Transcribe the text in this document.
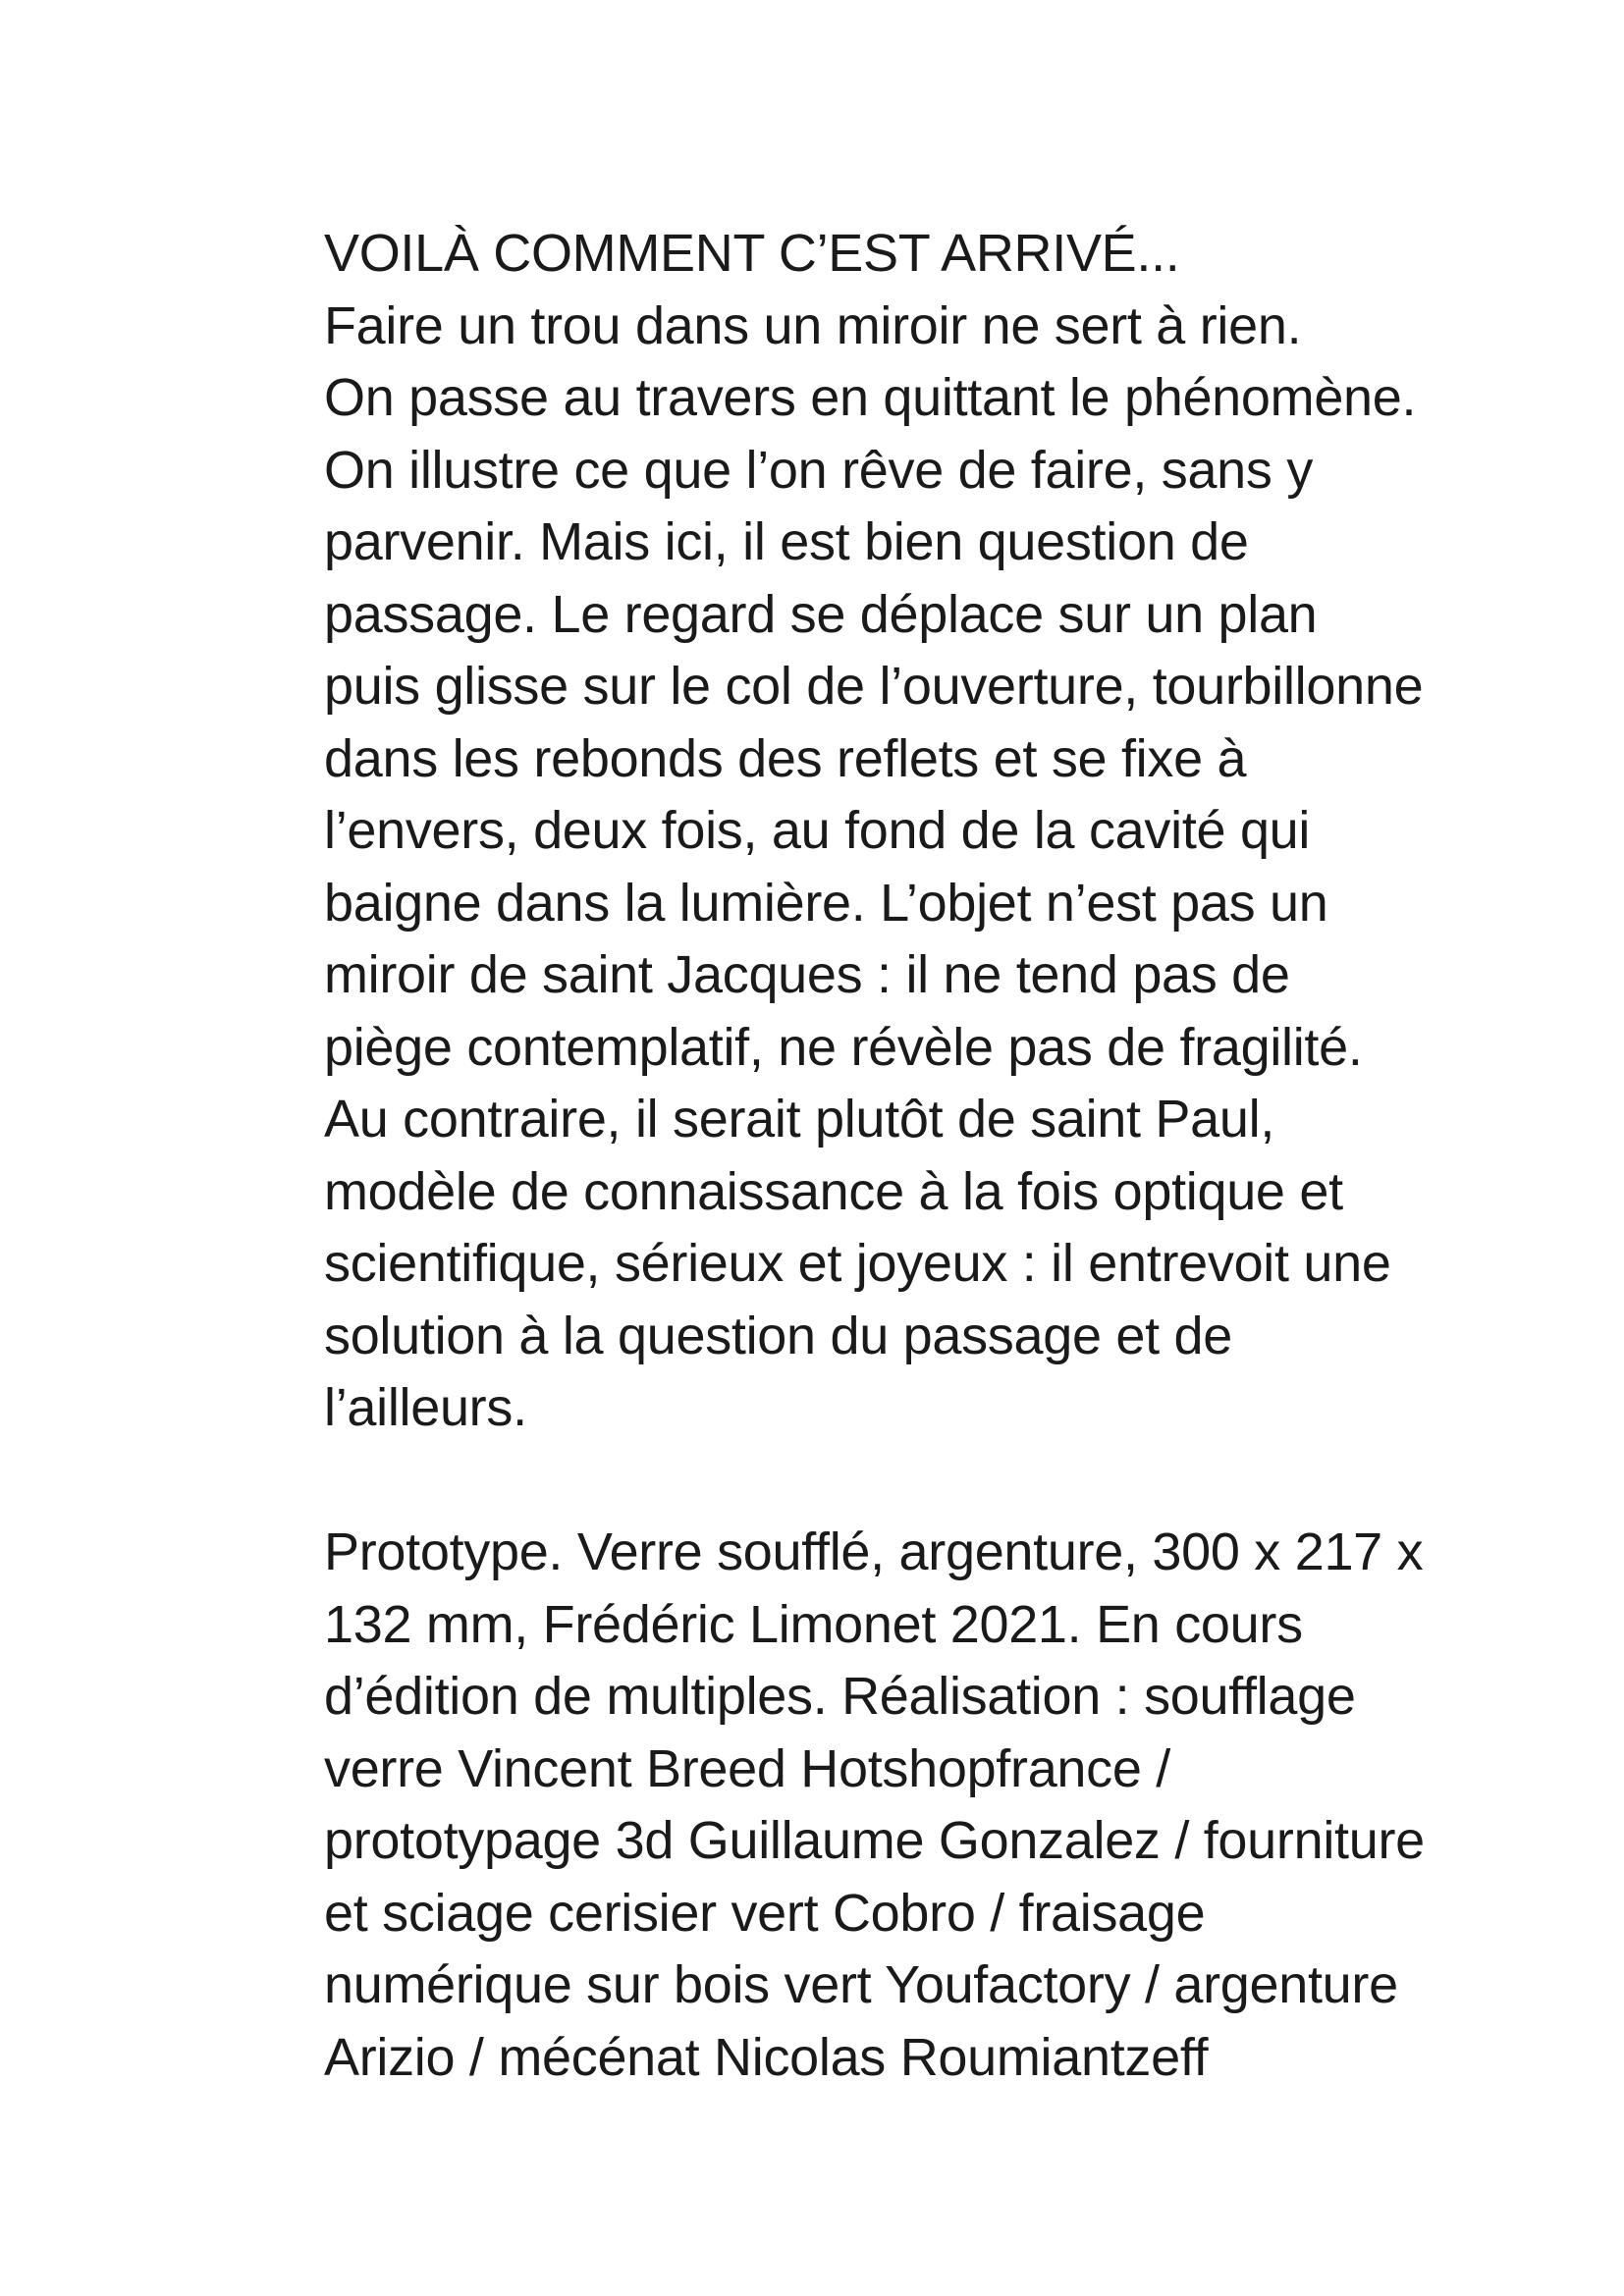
VOILÀ COMMENT C’EST ARRIVÉ...
Faire un trou dans un miroir ne sert à rien.
On passe au travers en quittant le phénomène.
On illustre ce que l’on rêve de faire, sans y
parvenir. Mais ici, il est bien question de
passage. Le regard se déplace sur un plan
puis glisse sur le col de l’ouverture, tourbillonne
dans les rebonds des reflets et se fixe à
l’envers, deux fois, au fond de la cavité qui
baigne dans la lumière. L’objet n’est pas un
miroir de saint Jacques : il ne tend pas de
piège contemplatif, ne révèle pas de fragilité.
Au contraire, il serait plutôt de saint Paul,
modèle de connaissance à la fois optique et
scientifique, sérieux et joyeux : il entrevoit une
solution à la question du passage et de
l’ailleurs.

Prototype. Verre soufflé, argenture, 300 x 217 x
132 mm, Frédéric Limonet 2021. En cours
d’édition de multiples. Réalisation : soufflage
verre Vincent Breed Hotshopfrance /
prototypage 3d Guillaume Gonzalez / fourniture
et sciage cerisier vert Cobro / fraisage
numérique sur bois vert Youfactory / argenture
Arizio / mécénat Nicolas Roumiantzeff
